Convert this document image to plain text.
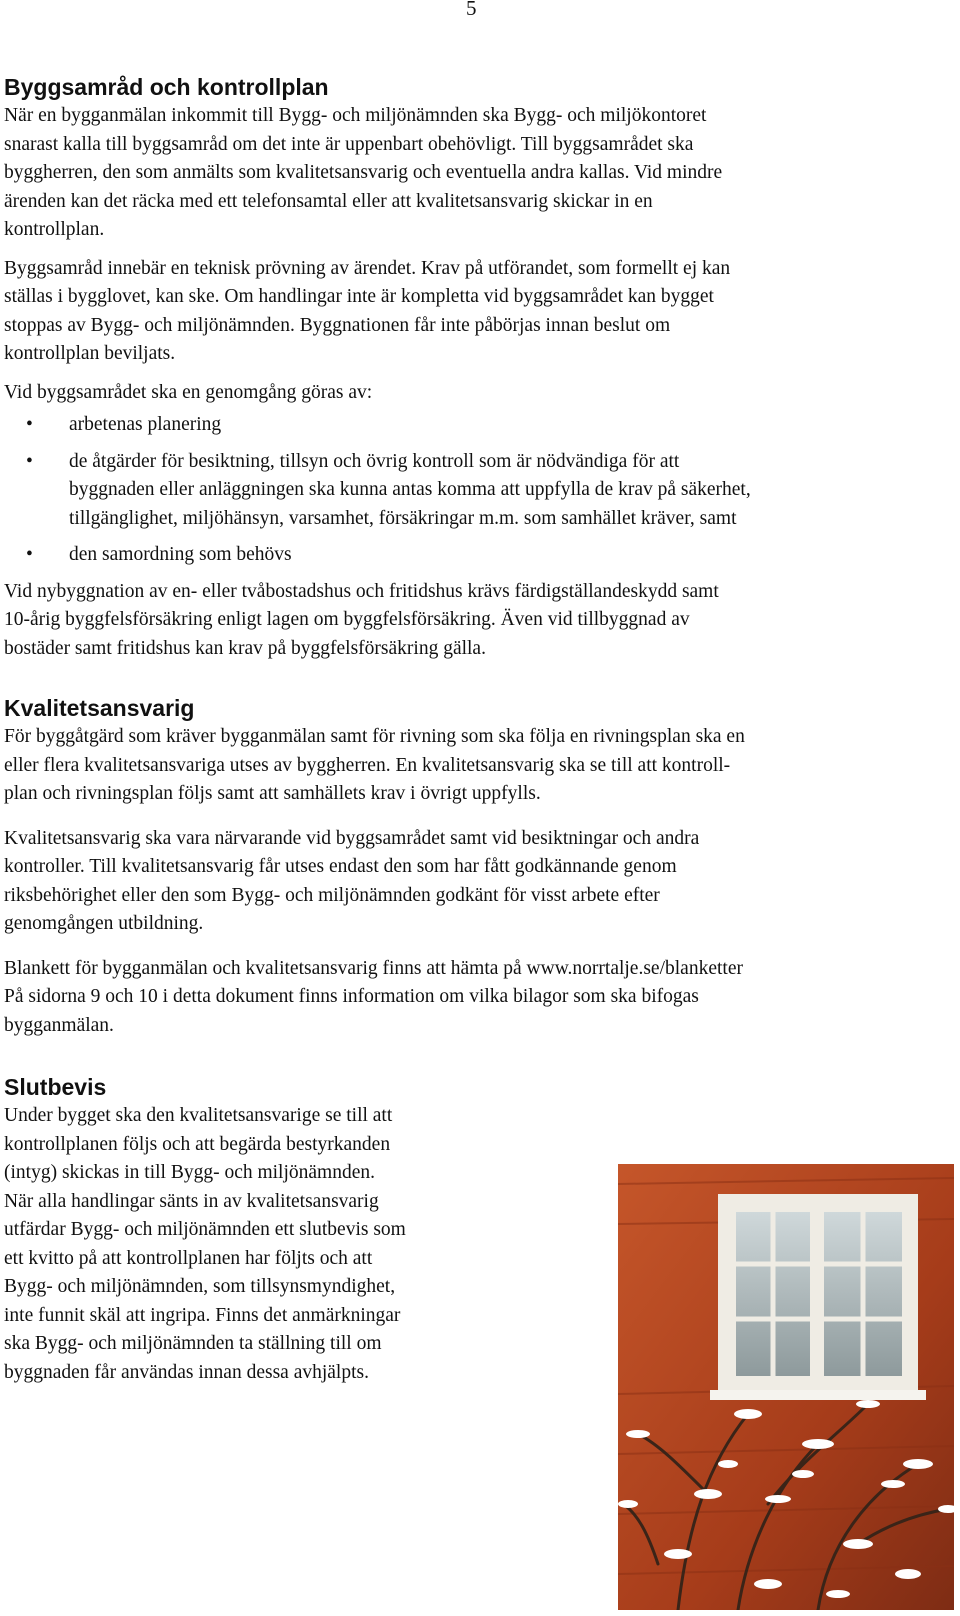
5
Byggsamråd och kontrollplan

När en bygganmälan inkommit till Bygg- och miljönämnden ska Bygg- och miljökontoret
snarast kalla till byggsamråd om det inte är uppenbart obehövligt. Till byggsamrådet ska
byggherren, den som anmälts som kvalitetsansvarig och eventuella andra kallas. Vid mindre
ärenden kan det räcka med ett telefonsamtal eller att kvalitetsansvarig skickar in en
kontrollplan.

Byggsamråd innebär en teknisk prövning av ärendet. Krav på utförandet, som formellt ej kan
ställas i bygglovet, kan ske. Om handlingar inte är kompletta vid byggsamrådet kan bygget
stoppas av Bygg- och miljönämnden. Byggnationen får inte påbörjas innan beslut om
kontrollplan beviljats.

Vid byggsamrådet ska en genomgång göras av:

• arbetenas planering
• de åtgärder för besiktning, tillsyn och övrig kontroll som är nödvändiga för att
byggnaden eller anläggningen ska kunna antas komma att uppfylla de krav på säkerhet,
tillgänglighet, miljöhänsyn, varsamhet, försäkringar m.m. som samhället kräver, samt
• den samordning som behövs

Vid nybyggnation av en- eller tvåbostadshus och fritidshus krävs färdigställandeskydd samt
10-årig byggfelsförsäkring enligt lagen om byggfelsförsäkring. Även vid tillbyggnad av
bostäder samt fritidshus kan krav på byggfelsförsäkring gälla.

Kvalitetsansvarig

För byggåtgärd som kräver bygganmälan samt för rivning som ska följa en rivningsplan ska en
eller flera kvalitetsansvariga utses av byggherren. En kvalitetsansvarig ska se till att kontroll-
plan och rivningsplan följs samt att samhällets krav i övrigt uppfylls.

Kvalitetsansvarig ska vara närvarande vid byggsamrådet samt vid besiktningar och andra
kontroller. Till kvalitetsansvarig får utses endast den som har fått godkännande genom
riksbehörighet eller den som Bygg- och miljönämnden godkänt för visst arbete efter
genomgången utbildning.

Blankett för bygganmälan och kvalitetsansvarig finns att hämta på www.norrtalje.se/blanketter
På sidorna 9 och 10 i detta dokument finns information om vilka bilagor som ska bifogas
bygganmälan.

Slutbevis

Under bygget ska den kvalitetsansvarige se till att
kontrollplanen följs och att begärda bestyrkanden
(intyg) skickas in till Bygg- och miljönämnden.
När alla handlingar sänts in av kvalitetsansvarig
utfärdar Bygg- och miljönämnden ett slutbevis som
ett kvitto på att kontrollplanen har följts och att
Bygg- och miljönämnden, som tillsynsmyndighet,
inte funnit skäl att ingripa. Finns det anmärkningar
ska Bygg- och miljönämnden ta ställning till om
byggnaden får användas innan dessa avhjälpts.
